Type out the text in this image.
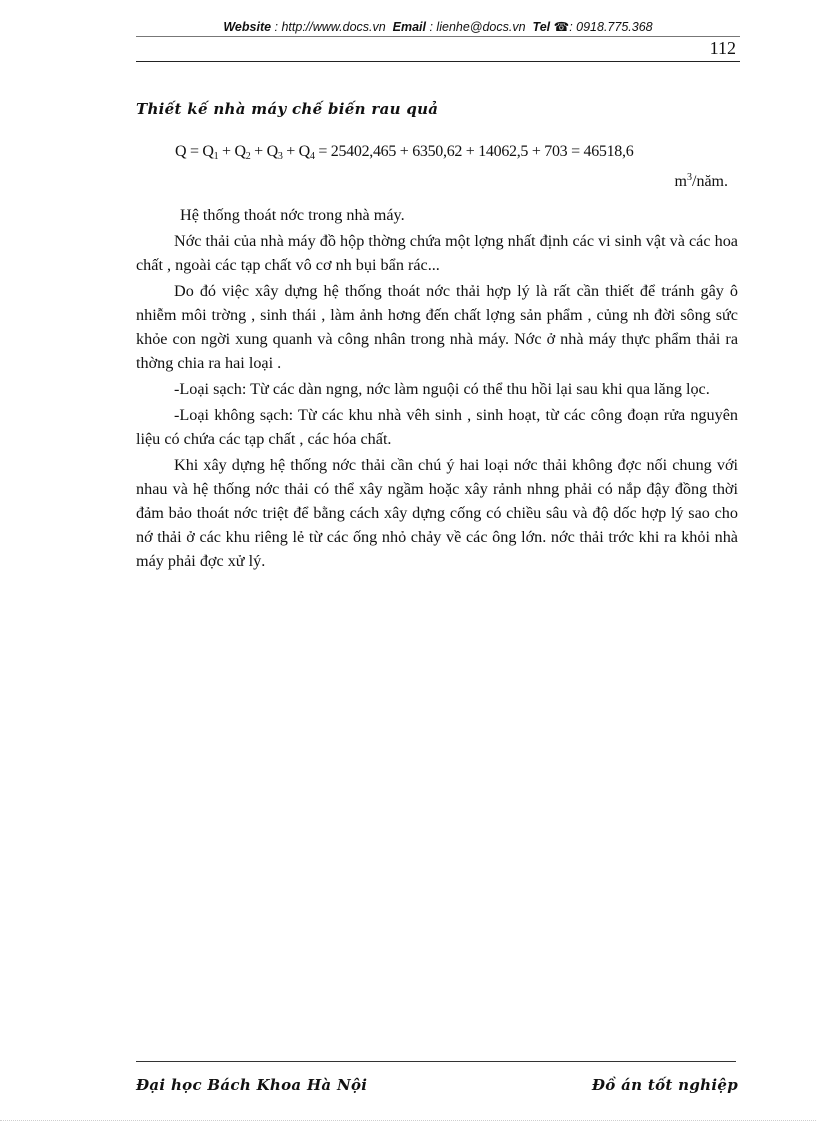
Website : http://www.docs.vn Email : lienhe@docs.vn Tel ☎: 0918.775.368
112
Thiết kế nhà máy chế biến rau quả
$Q = Q_1 + Q_2 + Q_3 + Q_4 = 25402,465 + 6350,62 + 14062,5 + 703 = 46518,6$
$m^3$/năm.

Hệ thống thoát nớc trong nhà máy.

Nớc thải của nhà máy đồ hộp thờng chứa một lợng nhất định các vi sinh vật và các hoa chất , ngoài các tạp chất vô cơ nh bụi bẩn rác...

Do đó việc xây dựng hệ thống thoát nớc thải hợp lý là rất cần thiết để tránh gây ô nhiễm môi trờng , sinh thái , làm ảnh hơng đến chất lợng sản phẩm , củng nh đời sông sức khỏe con ngời xung quanh và công nhân trong nhà máy. Nớc ở nhà máy thực phẩm thải ra thờng chia ra hai loại .

-Loại sạch: Từ các dàn ngng, nớc làm nguội có thể thu hồi lại sau khi qua lăng lọc.

-Loại không sạch: Từ các khu nhà vêh sinh , sinh hoạt, từ các công đoạn rửa nguyên liệu có chứa các tạp chất , các hóa chất.

Khi xây dựng hệ thống nớc thải cần chú ý hai loại nớc thải không đợc nối chung với nhau và hệ thống nớc thải có thể xây ngầm hoặc xây rảnh nhng phải có nắp đậy đồng thời đảm bảo thoát nớc triệt để bằng cách xây dựng cống có chiều sâu và độ dốc hợp lý sao cho nớ thải ở các khu riêng lẻ từ các ống nhỏ chảy về các ông lớn. nớc thải trớc khi ra khỏi nhà máy phải đợc xử lý.

Đại học Bách Khoa Hà Nội	Đồ án tốt nghiệp
